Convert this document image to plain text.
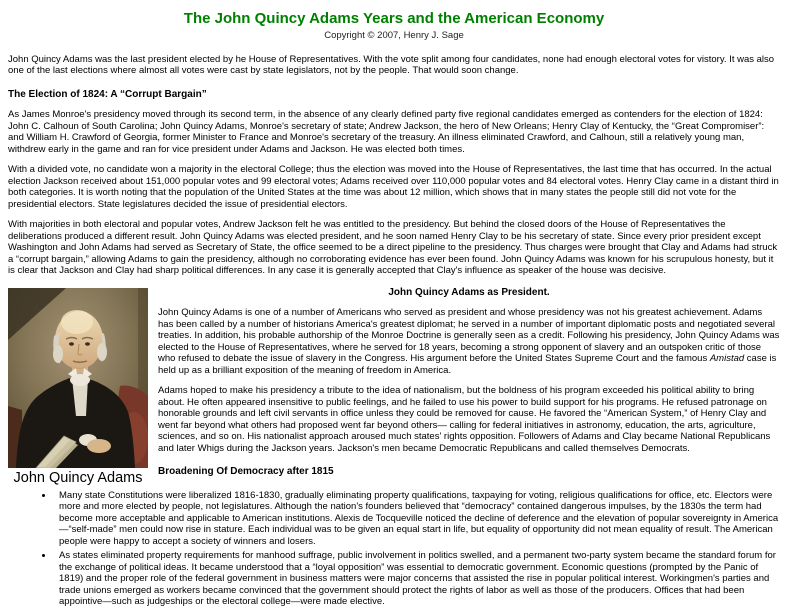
The John Quincy Adams Years and the American Economy
Copyright © 2007, Henry J. Sage

John Quincy Adams was the last president elected by he House of Representatives. With the vote split among four candidates, none had enough electoral votes for vistory. It was also one of the last elections where almost all votes were cast by state legislators, not by the people. That would soon change.

The Election of 1824: A “Corrupt Bargain”

As James Monroe's presidency moved through its second term, in the absence of any clearly defined party five regional candidates emerged as contenders for the election of 1824: John C. Calhoun of South Carolina; John Quincy Adams, Monroe's secretary of state; Andrew Jackson, the hero of New Orleans; Henry Clay of Kentucky, the “Great Compromiser”: and William H. Crawford of Georgia, former Minister to France and Monroe's secretary of the treasury. An illness eliminated Crawford, and Calhoun, still a relatively young man, withdrew early in the game and ran for vice president under Adams and Jackson. He was elected both times.

With a divided vote, no candidate won a majority in the electoral College; thus the election was moved into the House of Representatives, the last time that has occurred. In the actual election Jackson received about 151,000 popular votes and 99 electoral votes; Adams received over 110,000 popular votes and 84 electoral votes. Henry Clay came in a distant third in both categories. It is worth noting that the population of the United States at the time was about 12 million, which shows that in many states the people still did not vote for the presidential electors. State legislatures decided the issue of presidential electors.

With majorities in both electoral and popular votes, Andrew Jackson felt he was entitled to the presidency. But behind the closed doors of the House of Representatives the deliberations produced a different result. John Quincy Adams was elected president, and he soon named Henry Clay to be his secretary of state. Since every prior president except Washington and John Adams had served as Secretary of State, the office seemed to be a direct pipeline to the presidency. Thus charges were brought that Clay and Adams had struck a “corrupt bargain,” allowing Adams to gain the presidency, although no corroborating evidence has ever been found. John Quincy Adams was known for his scrupulous honesty, but it is clear that Jackson and Clay had sharp political differences. In any case it is generally accepted that Clay's influence as speaker of the house was decisive.

John Quincy Adams
John Quincy Adams as President.

John Quincy Adams is one of a number of Americans who served as president and whose presidency was not his greatest achievement. Adams has been called by a number of historians America's greatest diplomat; he served in a number of important diplomatic posts and negotiated several treaties. In addition, his probable authorship of the Monroe Doctrine is generally seen as a credit. Following his presidency, John Quincy Adams was elected to the House of Representatives, where he served for 18 years, becoming a strong opponent of slavery and an outspoken critic of those who refused to debate the issue of slavery in the Congress. His argument before the United States Supreme Court and the famous Amistad case is held up as a brilliant exposition of the meaning of freedom in America.

Adams hoped to make his presidency a tribute to the idea of nationalism, but the boldness of his program exceeded his political ability to bring about. He often appeared insensitive to public feelings, and he failed to use his power to build support for his programs. He refused patronage on honorable grounds and left civil servants in office unless they could be removed for cause. He favored the “American System,” of Henry Clay and went far beyond what others had proposed went far beyond others— calling for federal initiatives in astronomy, education, the arts, agriculture, sciences, and so on. His nationalist approach aroused much states' rights opposition. Followers of Adams and Clay became National Republicans and later Whigs during the Jackson years. Jackson's men became Democratic Republicans and called themselves Democrats.

Broadening Of Democracy after 1815
• Many state Constitutions were liberalized 1816-1830, gradually eliminating property qualifications, taxpaying for voting, religious qualifications for office, etc. Electors were more and more elected by people, not legislatures. Although the nation's founders believed that “democracy” contained dangerous impulses, by the 1830s the term had become more acceptable and applicable to American institutions. Alexis de Tocqueville noticed the decline of deference and the elevation of popular sovereignty in America—“self-made” men could now rise in stature. Each individual was to be given an equal start in life, but equality of opportunity did not mean equality of result. The American people were happy to accept a society of winners and losers.
• As states eliminated property requirements for manhood suffrage, public involvement in politics swelled, and a permanent two-party system became the standard forum for the exchange of political ideas. It became understood that a “loyal opposition” was essential to democratic government. Economic questions (prompted by the Panic of 1819) and the proper role of the federal government in business matters were major concerns that assisted the rise in popular political interest. Workingmen's parties and trade unions emerged as workers became convinced that the government should protect the rights of labor as well as those of the producers. Offices that had been appointive—such as judgeships or the electoral college—were made elective.
